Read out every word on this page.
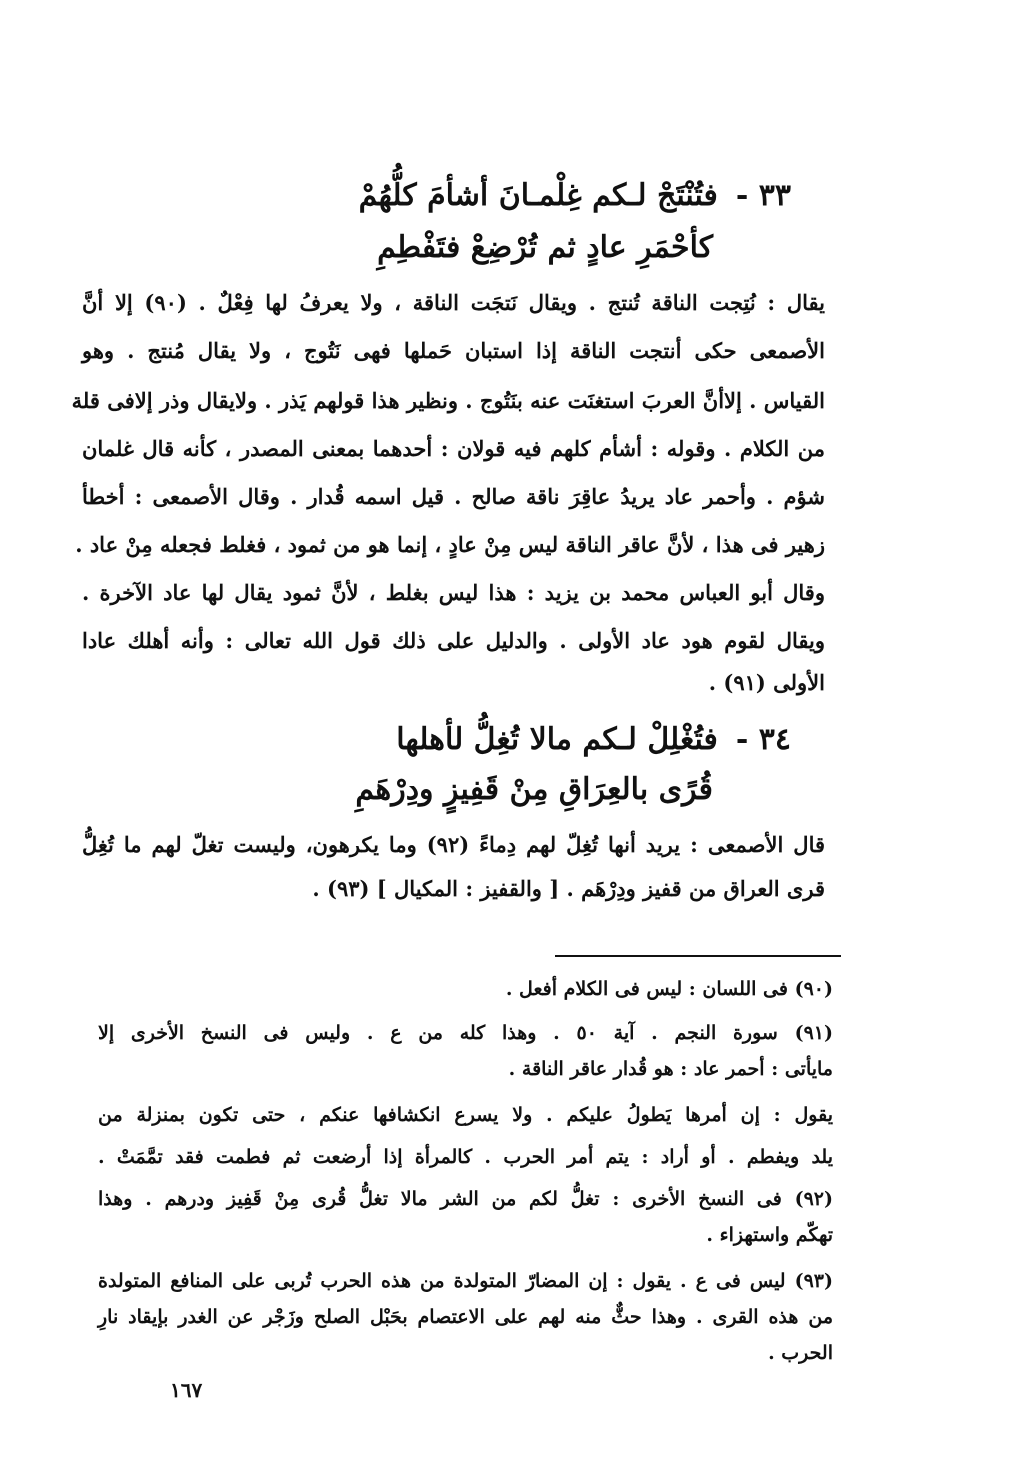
٣٣ -فتُنْتَجْ لـكم غِلْمـانَ أشأمَ كلُّهُمْ
كأحْمَرِ عادٍ ثم تُرْضِعْ فتَفْطِمِ
يقال : نُتِجت الناقة تُنتج . ويقال نَتجَت الناقة ، ولا يعرفُ لها فِعْلٌ . (٩٠) إلا أنَّ
الأصمعى حكى أنتجت الناقة إذا استبان حَملها فهى نَتُوج ، ولا يقال مُنتج . وهو
القياس . إلاأنَّ العربَ استغنَت عنه بنَتُوج . ونظير هذا قولهم يَذر . ولايقال وذر إلافى قلة
من الكلام . وقوله : أشأم كلهم فيه قولان : أحدهما بمعنى المصدر ، كأنه قال غلمان
شؤم . وأحمر عاد يريدُ عاقِرَ ناقة صالح . قيل اسمه قُدار . وقال الأصمعى : أخطأ
زهير فى هذا ، لأنَّ عاقر الناقة ليس مِنْ عادٍ ، إنما هو من ثمود ، فغلط فجعله مِنْ عاد .
وقال أبو العباس محمد بن يزيد : هذا ليس بغلط ، لأنَّ ثمود يقال لها عاد الآخرة .
ويقال لقوم هود عاد الأولى . والدليل على ذلك قول الله تعالى : وأنه أهلك عادا
الأولى (٩١) .
٣٤ -فتُغْلِلْ لـكم مالا تُغِلُّ لأهلها
قُرًى بالعِرَاقِ مِنْ قَفِيزٍ ودِرْهَمِ
قال الأصمعى : يريد أنها تُغِلّ لهم دِماءً (٩٢) وما يكرهون، وليست تغلّ لهم ما تُغِلُّ
قرى العراق من قفيز ودِرْهَم . [ والقفيز : المكيال ] (٩٣) .
(٩٠) فى اللسان : ليس فى الكلام أفعل .
(٩١) سورة النجم . آية ٥٠ . وهذا كله من ع . وليس فى النسخ الأخرى إلا
مايأتى : أحمر عاد : هو قُدار عاقر الناقة .
يقول : إن أمرها يَطولُ عليكم . ولا يسرع انكشافها عنكم ، حتى تكون بمنزلة من
يلد ويفطم . أو أراد : يتم أمر الحرب . كالمرأة إذا أرضعت ثم فطمت فقد تمَّمَتْ .
(٩٢) فى النسخ الأخرى : تغلُّ لكم من الشر مالا تغلُّ قُرى مِنْ قَفِيز ودرهم . وهذا
تهكّم واستهزاء .
(٩٣) ليس فى ع . يقول : إن المضارّ المتولدة من هذه الحرب تُربى على المنافع المتولدة
من هذه القرى . وهذا حثٌّ منه لهم على الاعتصام بحَبْل الصلح وزَجْر عن الغدر بإيقاد نارِ
الحرب .
١٦٧
